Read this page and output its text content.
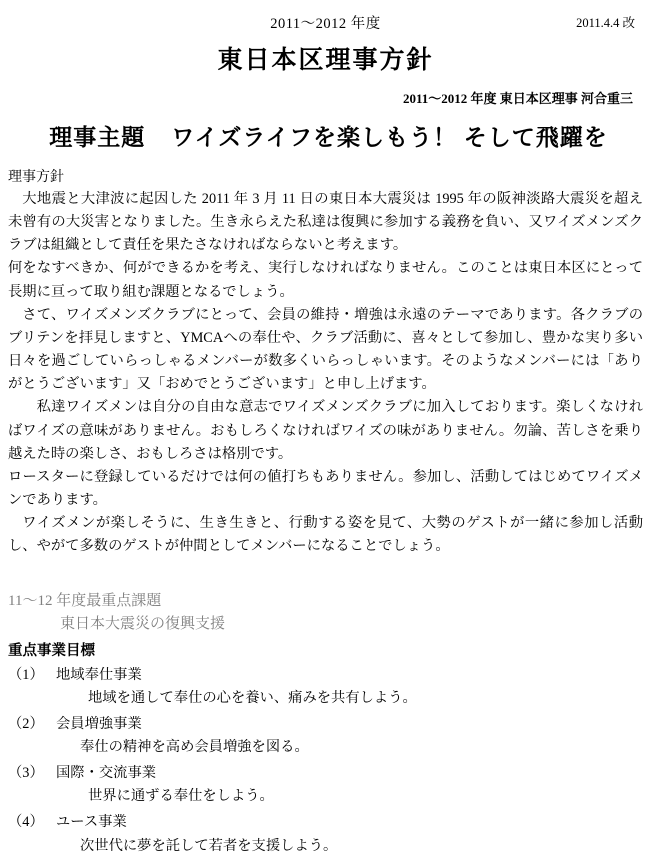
2011～2012 年度	2011.4.4 改
東日本区理事方針
2011～2012 年度 東日本区理事 河合重三
理事主題 ワイズライフを楽しもう！ そして飛躍を
理事方針

大地震と大津波に起因した 2011 年 3 月 11 日の東日本大震災は 1995 年の阪神淡路大震災を超え未曾有の大災害となりました。生き永らえた私達は復興に参加する義務を負い、又ワイズメンズクラブは組織として責任を果たさなければならないと考えます。

何をなすべきか、何ができるかを考え、実行しなければなりません。このことは東日本区にとって長期に亘って取り組む課題となるでしょう。

さて、ワイズメンズクラブにとって、会員の維持・増強は永遠のテーマであります。各クラブのブリテンを拝見しますと、YMCAへの奉仕や、クラブ活動に、喜々として参加し、豊かな実り多い日々を過ごしていらっしゃるメンバーが数多くいらっしゃいます。そのようなメンバーには「ありがとうございます」又「おめでとうございます」と申し上げます。

私達ワイズメンは自分の自由な意志でワイズメンズクラブに加入しております。楽しくなければワイズの意味がありません。おもしろくなければワイズの味がありません。勿論、苦しさを乗り越えた時の楽しさ、おもしろさは格別です。

ロースターに登録しているだけでは何の値打ちもありません。参加し、活動してはじめてワイズメンであります。

ワイズメンが楽しそうに、生き生きと、行動する姿を見て、大勢のゲストが一緒に参加し活動し、やがて多数のゲストが仲間としてメンバーになることでしょう。

11～12 年度最重点課題
東日本大震災の復興支援
重点事業目標
（1） 地域奉仕事業
地域を通して奉仕の心を養い、痛みを共有しよう。
（2） 会員増強事業
奉仕の精神を高め会員増強を図る。
（3） 国際・交流事業
世界に通ずる奉仕をしよう。
（4） ユース事業
次世代に夢を託して若者を支援しよう。
